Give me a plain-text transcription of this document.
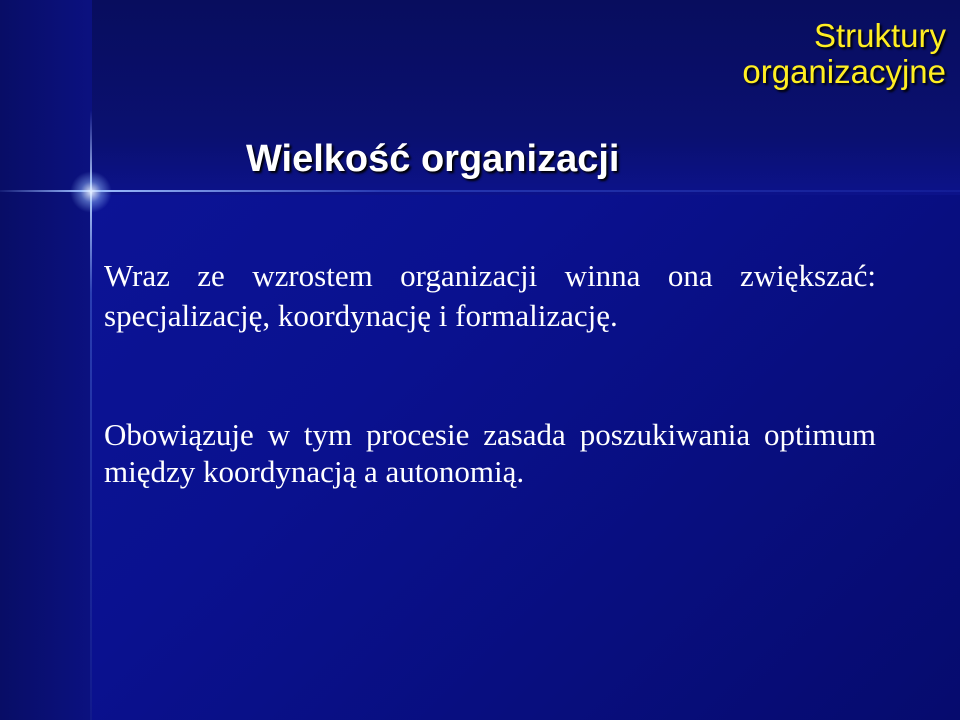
Struktury
organizacyjne
Wielkość organizacji
Wraz ze wzrostem organizacji winna ona zwiększać: specjalizację, koordynację i formalizację.
Obowiązuje w tym procesie zasada poszukiwania optimum między koordynacją a autonomią.
